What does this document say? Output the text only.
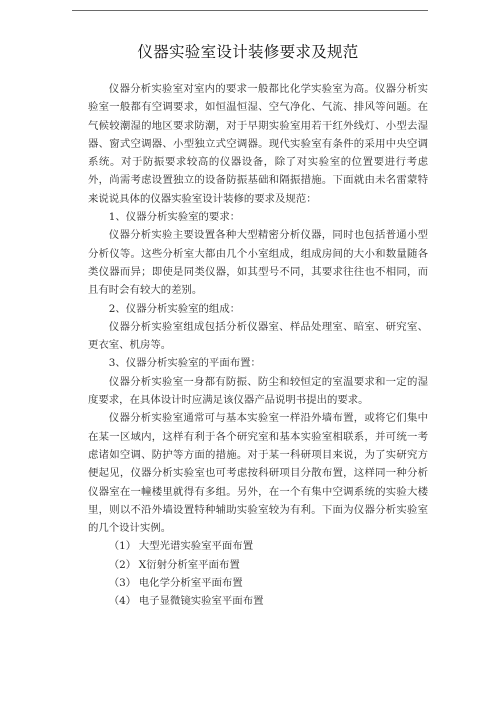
仪器实验室设计装修要求及规范

仪器分析实验室对室内的要求一般都比化学实验室为高。仪器分析实验室一般都有空调要求，如恒温恒湿、空气净化、气流、排风等问题。在气候较潮湿的地区要求防潮，对于早期实验室用若干红外线灯、小型去湿器、窗式空调器、小型独立式空调器。现代实验室有条件的采用中央空调系统。对于防振要求较高的仪器设备，除了对实验室的位置要进行考虑外，尚需考虑设置独立的设备防振基础和隔振措施。下面就由未名雷蒙特来说说具体的仪器实验室设计装修的要求及规范：

1、仪器分析实验室的要求：

仪器分析实验主要设置各种大型精密分析仪器，同时也包括普通小型分析仪等。这些分析室大都由几个小室组成，组成房间的大小和数量随各类仪器而异；即使是同类仪器，如其型号不同，其要求往往也不相同，而且有时会有较大的差别。

2、仪器分析实验室的组成：

仪器分析实验室组成包括分析仪器室、样品处理室、暗室、研究室、更衣室、机房等。

3、仪器分析实验室的平面布置：

仪器分析实验室一身都有防振、防尘和较恒定的室温要求和一定的湿度要求，在具体设计时应满足该仪器产品说明书提出的要求。

仪器分析实验室通常可与基本实验室一样沿外墙布置，或将它们集中在某一区域内，这样有利于各个研究室和基本实验室相联系，并可统一考虑诸如空调、防护等方面的措施。对于某一科研项目来说，为了实研究方便起见，仪器分析实验室也可考虑按科研项目分散布置，这样同一种分析仪器室在一幢楼里就得有多组。另外，在一个有集中空调系统的实验大楼里，则以不沿外墙设置特种辅助实验室较为有利。下面为仪器分析实验室的几个设计实例。

（1） 大型光谱实验室平面布置

（2） X衍射分析室平面布置

（3） 电化学分析室平面布置

（4） 电子显微镜实验室平面布置
